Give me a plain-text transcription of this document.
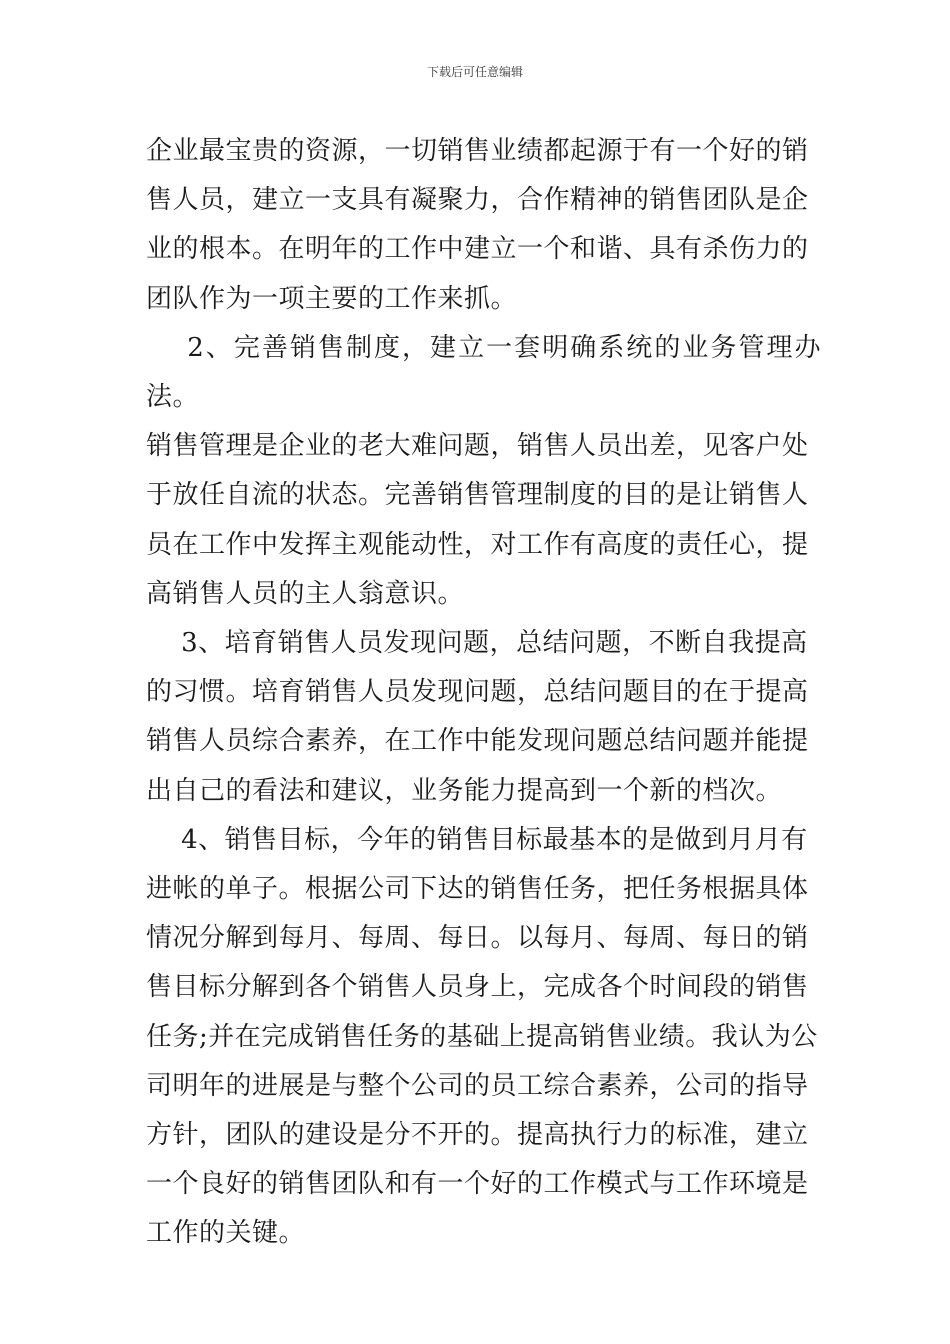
下载后可任意编辑

企业最宝贵的资源，一切销售业绩都起源于有一个好的销

售人员，建立一支具有凝聚力，合作精神的销售团队是企

业的根本。在明年的工作中建立一个和谐、具有杀伤力的

团队作为一项主要的工作来抓。

2、完善销售制度，建立一套明确系统的业务管理办法。

销售管理是企业的老大难问题，销售人员出差，见客户处

于放任自流的状态。完善销售管理制度的目的是让销售人

员在工作中发挥主观能动性，对工作有高度的责任心，提

高销售人员的主人翁意识。

3、培育销售人员发现问题，总结问题，不断自我提高

的习惯。培育销售人员发现问题，总结问题目的在于提高

销售人员综合素养，在工作中能发现问题总结问题并能提

出自己的看法和建议，业务能力提高到一个新的档次。

4、销售目标，今年的销售目标最基本的是做到月月有

进帐的单子。根据公司下达的销售任务，把任务根据具体

情况分解到每月、每周、每日。以每月、每周、每日的销

售目标分解到各个销售人员身上，完成各个时间段的销售

任务;并在完成销售任务的基础上提高销售业绩。我认为公

司明年的进展是与整个公司的员工综合素养，公司的指导

方针，团队的建设是分不开的。提高执行力的标准，建立

一个良好的销售团队和有一个好的工作模式与工作环境是

工作的关键。
